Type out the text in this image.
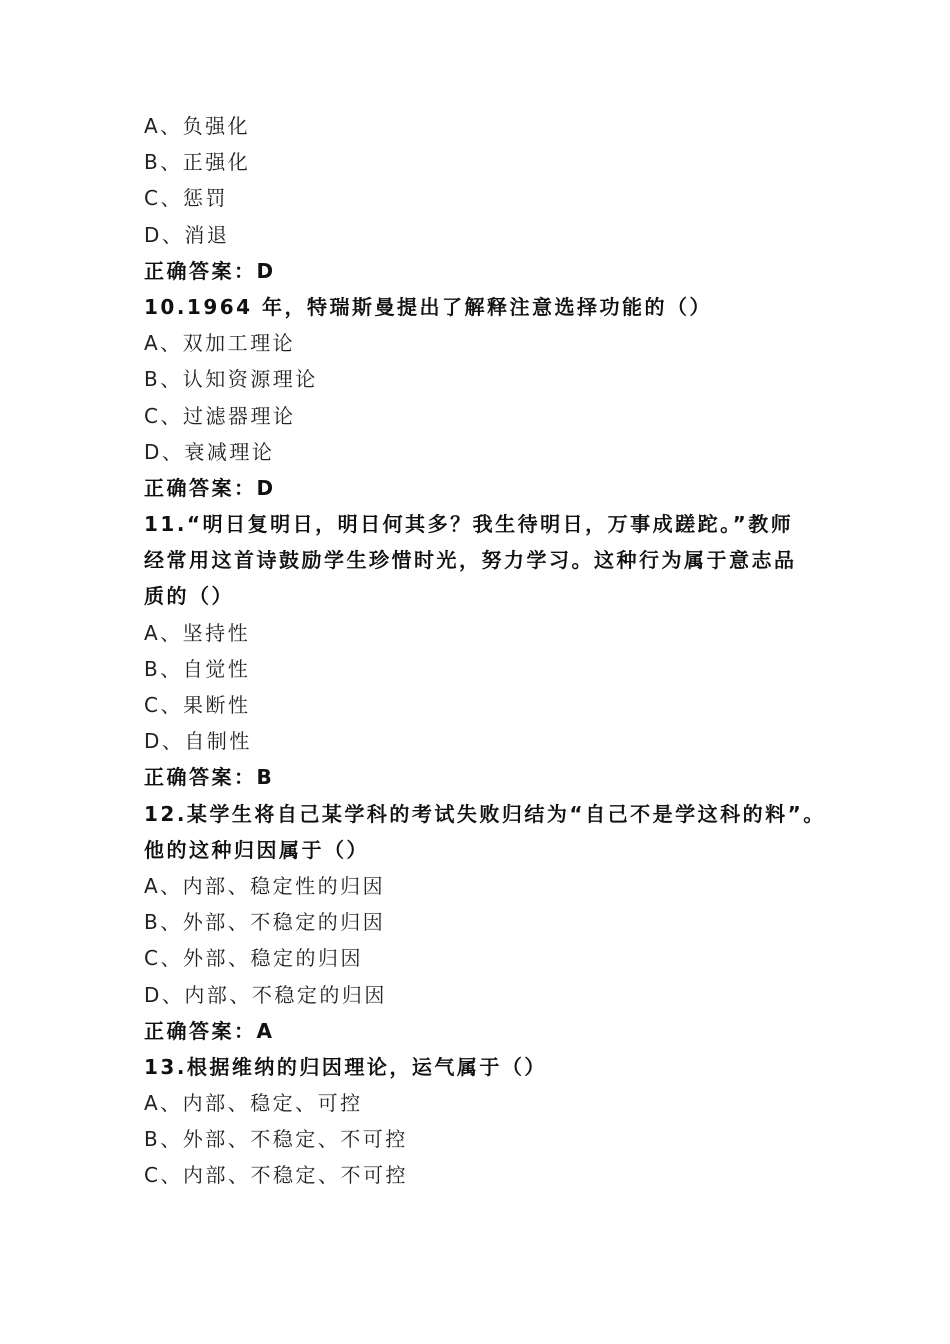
A、负强化
B、正强化
C、惩罚
D、消退
正确答案：D
10.1964 年，特瑞斯曼提出了解释注意选择功能的（）
A、双加工理论
B、认知资源理论
C、过滤器理论
D、衰减理论
正确答案：D
11.“明日复明日，明日何其多？我生待明日，万事成蹉跎。”教师
经常用这首诗鼓励学生珍惜时光，努力学习。这种行为属于意志品
质的（）
A、坚持性
B、自觉性
C、果断性
D、自制性
正确答案：B
12.某学生将自己某学科的考试失败归结为“自己不是学这科的料”。
他的这种归因属于（）
A、内部、稳定性的归因
B、外部、不稳定的归因
C、外部、稳定的归因
D、内部、不稳定的归因
正确答案：A
13.根据维纳的归因理论，运气属于（）
A、内部、稳定、可控
B、外部、不稳定、不可控
C、内部、不稳定、不可控
